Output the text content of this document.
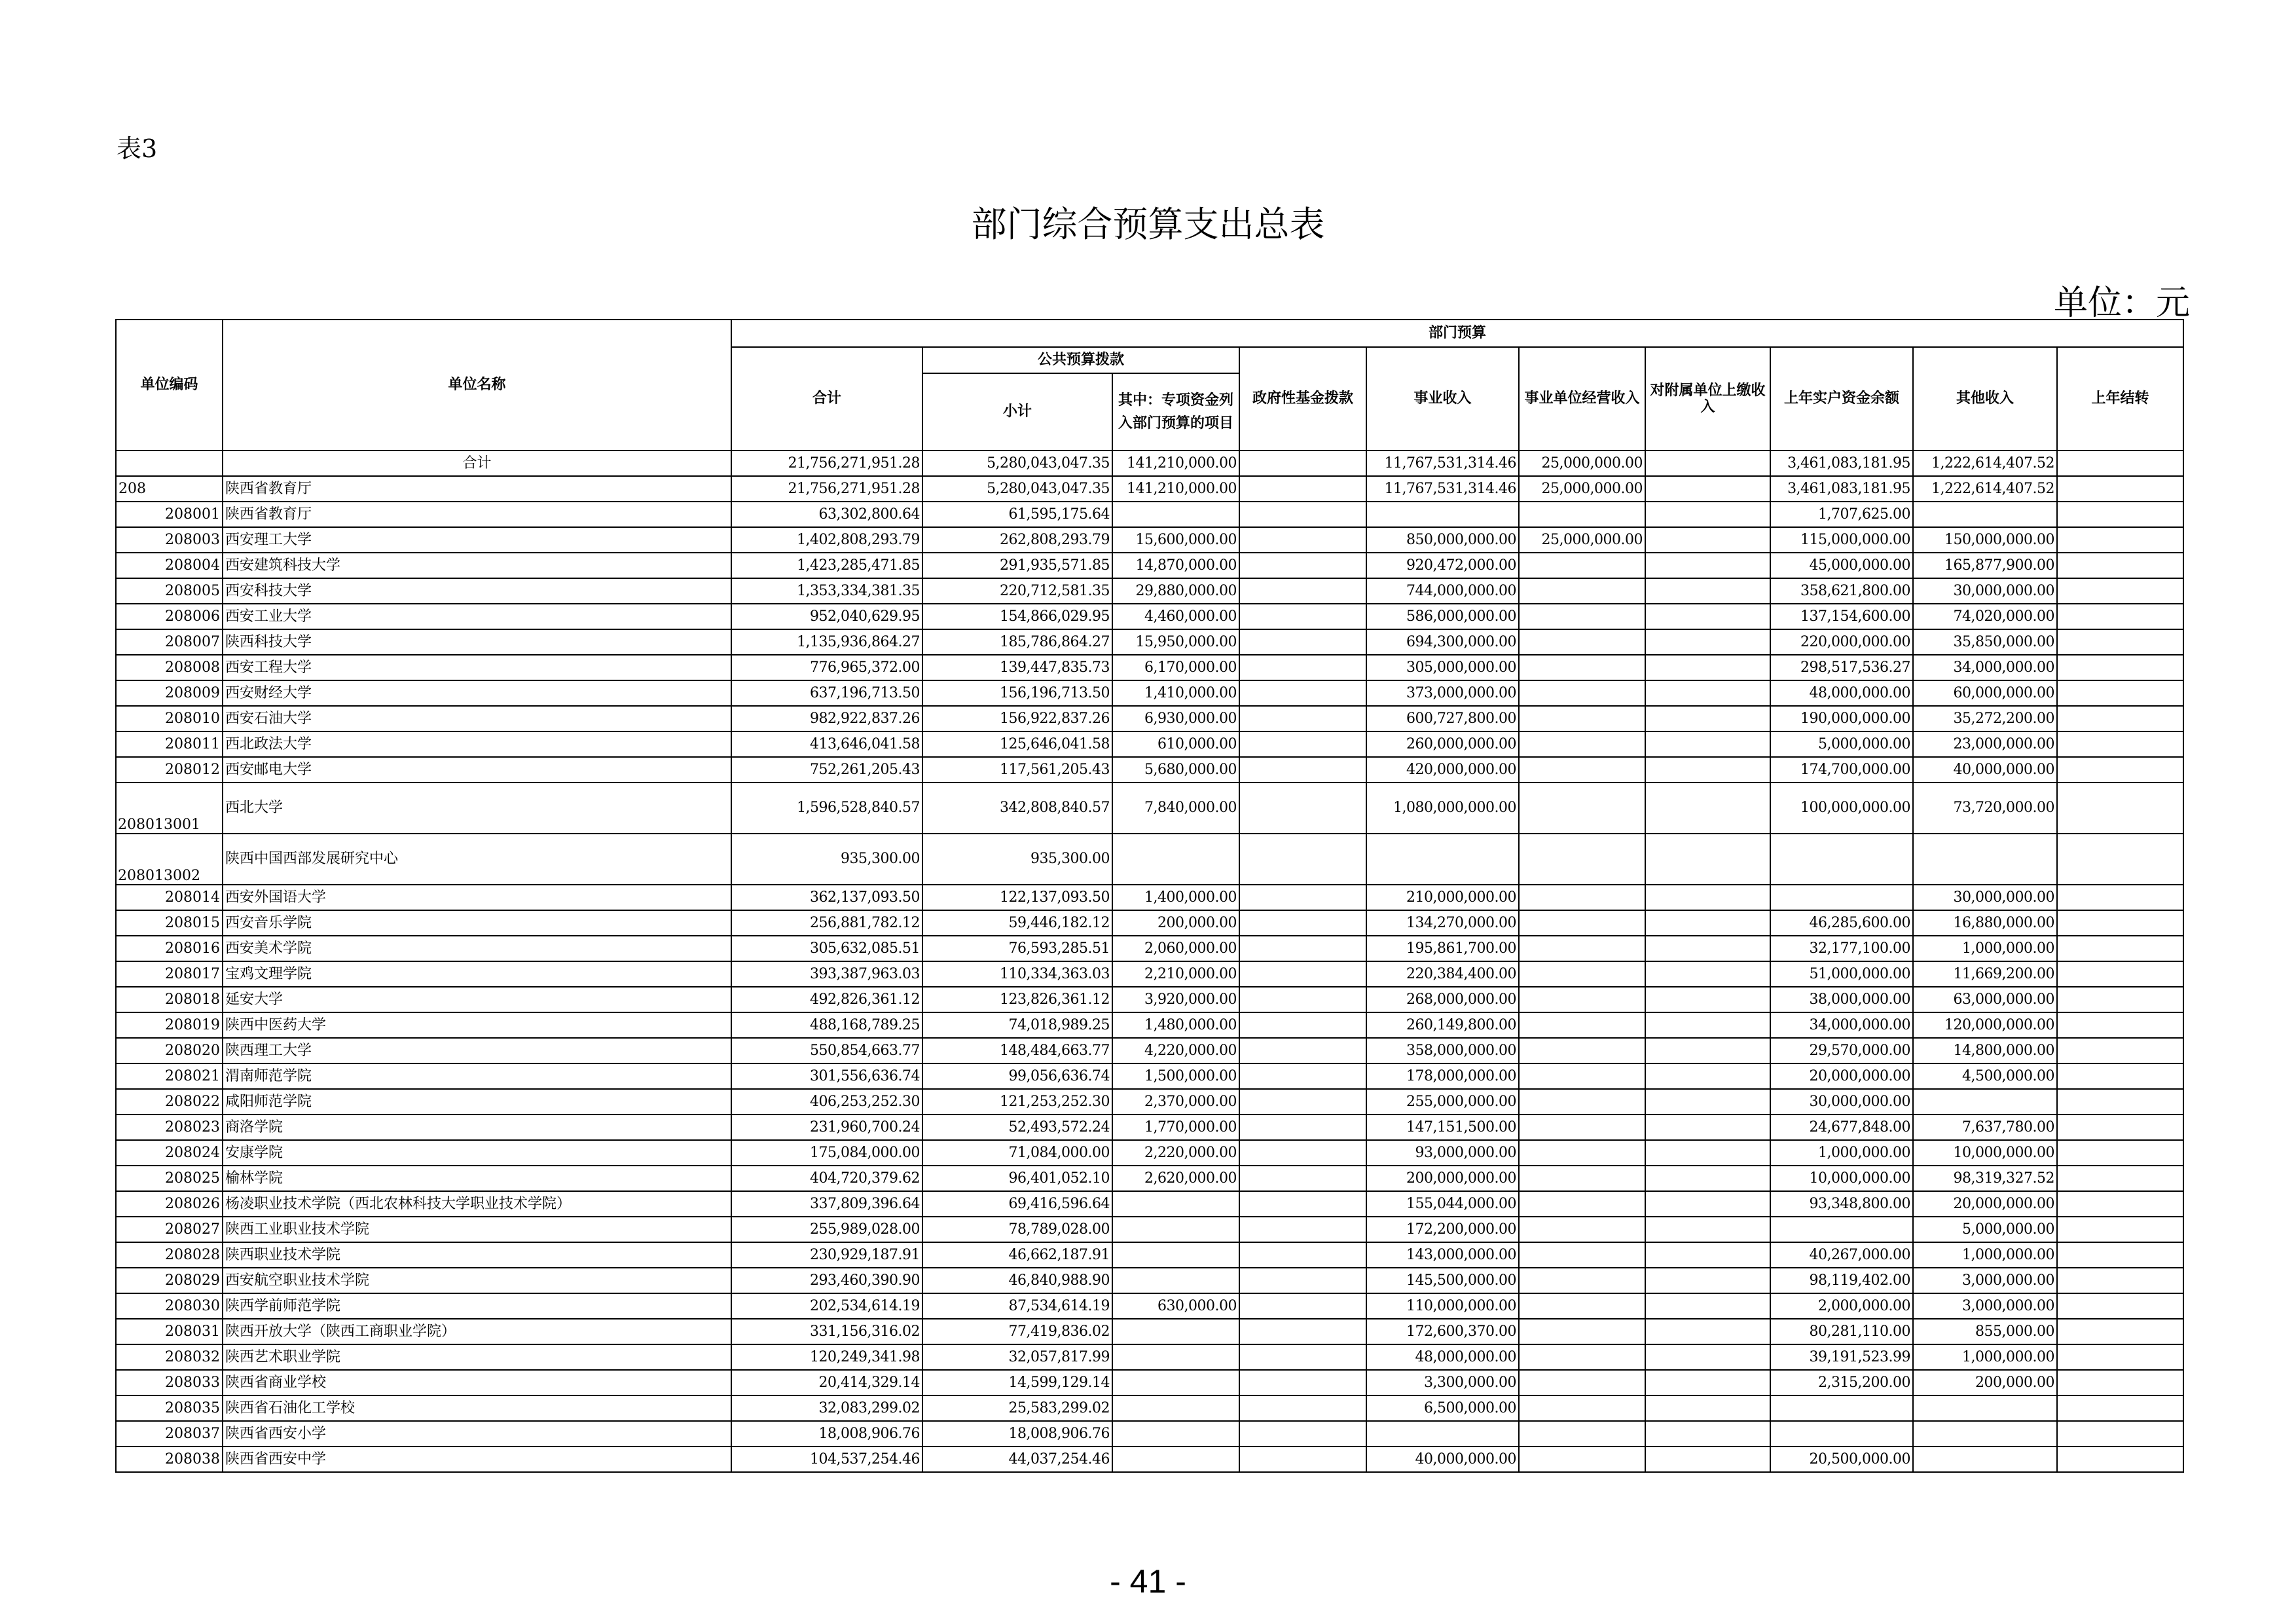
表3
部门综合预算支出总表
单位：元
单位编码	单位名称	部门预算									
		合计	公共预算拨款		政府性基金拨款	事业收入	事业单位经营收入	对附属单位上缴收入	上年实户资金余额	其他收入	上年结转
			小计	其中：专项资金列入部门预算的项目							
	合计	21,756,271,951.28	5,280,043,047.35	141,210,000.00		11,767,531,314.46	25,000,000.00		3,461,083,181.95	1,222,614,407.52	
208	陕西省教育厅	21,756,271,951.28	5,280,043,047.35	141,210,000.00		11,767,531,314.46	25,000,000.00		3,461,083,181.95	1,222,614,407.52	
208001	陕西省教育厅	63,302,800.64	61,595,175.64						1,707,625.00		
208003	西安理工大学	1,402,808,293.79	262,808,293.79	15,600,000.00		850,000,000.00	25,000,000.00		115,000,000.00	150,000,000.00	
208004	西安建筑科技大学	1,423,285,471.85	291,935,571.85	14,870,000.00		920,472,000.00			45,000,000.00	165,877,900.00	
208005	西安科技大学	1,353,334,381.35	220,712,581.35	29,880,000.00		744,000,000.00			358,621,800.00	30,000,000.00	
208006	西安工业大学	952,040,629.95	154,866,029.95	4,460,000.00		586,000,000.00			137,154,600.00	74,020,000.00	
208007	陕西科技大学	1,135,936,864.27	185,786,864.27	15,950,000.00		694,300,000.00			220,000,000.00	35,850,000.00	
208008	西安工程大学	776,965,372.00	139,447,835.73	6,170,000.00		305,000,000.00			298,517,536.27	34,000,000.00	
208009	西安财经大学	637,196,713.50	156,196,713.50	1,410,000.00		373,000,000.00			48,000,000.00	60,000,000.00	
208010	西安石油大学	982,922,837.26	156,922,837.26	6,930,000.00		600,727,800.00			190,000,000.00	35,272,200.00	
208011	西北政法大学	413,646,041.58	125,646,041.58	610,000.00		260,000,000.00			5,000,000.00	23,000,000.00	
208012	西安邮电大学	752,261,205.43	117,561,205.43	5,680,000.00		420,000,000.00			174,700,000.00	40,000,000.00	
208013001	西北大学	1,596,528,840.57	342,808,840.57	7,840,000.00		1,080,000,000.00			100,000,000.00	73,720,000.00	
208013002	陕西中国西部发展研究中心	935,300.00	935,300.00								
208014	西安外国语大学	362,137,093.50	122,137,093.50	1,400,000.00		210,000,000.00				30,000,000.00	
208015	西安音乐学院	256,881,782.12	59,446,182.12	200,000.00		134,270,000.00			46,285,600.00	16,880,000.00	
208016	西安美术学院	305,632,085.51	76,593,285.51	2,060,000.00		195,861,700.00			32,177,100.00	1,000,000.00	
208017	宝鸡文理学院	393,387,963.03	110,334,363.03	2,210,000.00		220,384,400.00			51,000,000.00	11,669,200.00	
208018	延安大学	492,826,361.12	123,826,361.12	3,920,000.00		268,000,000.00			38,000,000.00	63,000,000.00	
208019	陕西中医药大学	488,168,789.25	74,018,989.25	1,480,000.00		260,149,800.00			34,000,000.00	120,000,000.00	
208020	陕西理工大学	550,854,663.77	148,484,663.77	4,220,000.00		358,000,000.00			29,570,000.00	14,800,000.00	
208021	渭南师范学院	301,556,636.74	99,056,636.74	1,500,000.00		178,000,000.00			20,000,000.00	4,500,000.00	
208022	咸阳师范学院	406,253,252.30	121,253,252.30	2,370,000.00		255,000,000.00			30,000,000.00		
208023	商洛学院	231,960,700.24	52,493,572.24	1,770,000.00		147,151,500.00			24,677,848.00	7,637,780.00	
208024	安康学院	175,084,000.00	71,084,000.00	2,220,000.00		93,000,000.00			1,000,000.00	10,000,000.00	
208025	榆林学院	404,720,379.62	96,401,052.10	2,620,000.00		200,000,000.00			10,000,000.00	98,319,327.52	
208026	杨凌职业技术学院（西北农林科技大学职业技术学院）	337,809,396.64	69,416,596.64			155,044,000.00			93,348,800.00	20,000,000.00	
208027	陕西工业职业技术学院	255,989,028.00	78,789,028.00			172,200,000.00				5,000,000.00	
208028	陕西职业技术学院	230,929,187.91	46,662,187.91			143,000,000.00			40,267,000.00	1,000,000.00	
208029	西安航空职业技术学院	293,460,390.90	46,840,988.90			145,500,000.00			98,119,402.00	3,000,000.00	
208030	陕西学前师范学院	202,534,614.19	87,534,614.19	630,000.00		110,000,000.00			2,000,000.00	3,000,000.00	
208031	陕西开放大学（陕西工商职业学院）	331,156,316.02	77,419,836.02			172,600,370.00			80,281,110.00	855,000.00	
208032	陕西艺术职业学院	120,249,341.98	32,057,817.99			48,000,000.00			39,191,523.99	1,000,000.00	
208033	陕西省商业学校	20,414,329.14	14,599,129.14			3,300,000.00			2,315,200.00	200,000.00	
208035	陕西省石油化工学校	32,083,299.02	25,583,299.02			6,500,000.00					
208037	陕西省西安小学	18,008,906.76	18,008,906.76								
208038	陕西省西安中学	104,537,254.46	44,037,254.46			40,000,000.00			20,500,000.00		
- 41 -
